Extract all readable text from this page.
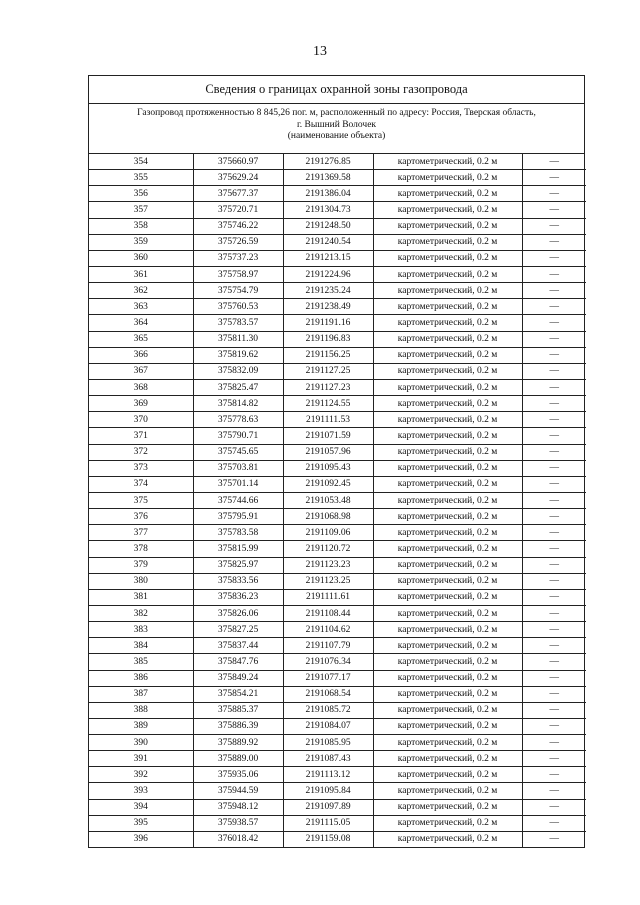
13
Сведения о границах охранной зоны газопровода
Газопровод протяженностью 8 845,26 пог. м, расположенный по адресу: Россия, Тверская область,
г. Вышний Волочек
(наименование объекта)
354	375660.97	2191276.85	картометрический, 0.2 м	—
355	375629.24	2191369.58	картометрический, 0.2 м	—
356	375677.37	2191386.04	картометрический, 0.2 м	—
357	375720.71	2191304.73	картометрический, 0.2 м	—
358	375746.22	2191248.50	картометрический, 0.2 м	—
359	375726.59	2191240.54	картометрический, 0.2 м	—
360	375737.23	2191213.15	картометрический, 0.2 м	—
361	375758.97	2191224.96	картометрический, 0.2 м	—
362	375754.79	2191235.24	картометрический, 0.2 м	—
363	375760.53	2191238.49	картометрический, 0.2 м	—
364	375783.57	2191191.16	картометрический, 0.2 м	—
365	375811.30	2191196.83	картометрический, 0.2 м	—
366	375819.62	2191156.25	картометрический, 0.2 м	—
367	375832.09	2191127.25	картометрический, 0.2 м	—
368	375825.47	2191127.23	картометрический, 0.2 м	—
369	375814.82	2191124.55	картометрический, 0.2 м	—
370	375778.63	2191111.53	картометрический, 0.2 м	—
371	375790.71	2191071.59	картометрический, 0.2 м	—
372	375745.65	2191057.96	картометрический, 0.2 м	—
373	375703.81	2191095.43	картометрический, 0.2 м	—
374	375701.14	2191092.45	картометрический, 0.2 м	—
375	375744.66	2191053.48	картометрический, 0.2 м	—
376	375795.91	2191068.98	картометрический, 0.2 м	—
377	375783.58	2191109.06	картометрический, 0.2 м	—
378	375815.99	2191120.72	картометрический, 0.2 м	—
379	375825.97	2191123.23	картометрический, 0.2 м	—
380	375833.56	2191123.25	картометрический, 0.2 м	—
381	375836.23	2191111.61	картометрический, 0.2 м	—
382	375826.06	2191108.44	картометрический, 0.2 м	—
383	375827.25	2191104.62	картометрический, 0.2 м	—
384	375837.44	2191107.79	картометрический, 0.2 м	—
385	375847.76	2191076.34	картометрический, 0.2 м	—
386	375849.24	2191077.17	картометрический, 0.2 м	—
387	375854.21	2191068.54	картометрический, 0.2 м	—
388	375885.37	2191085.72	картометрический, 0.2 м	—
389	375886.39	2191084.07	картометрический, 0.2 м	—
390	375889.92	2191085.95	картометрический, 0.2 м	—
391	375889.00	2191087.43	картометрический, 0.2 м	—
392	375935.06	2191113.12	картометрический, 0.2 м	—
393	375944.59	2191095.84	картометрический, 0.2 м	—
394	375948.12	2191097.89	картометрический, 0.2 м	—
395	375938.57	2191115.05	картометрический, 0.2 м	—
396	376018.42	2191159.08	картометрический, 0.2 м	—
